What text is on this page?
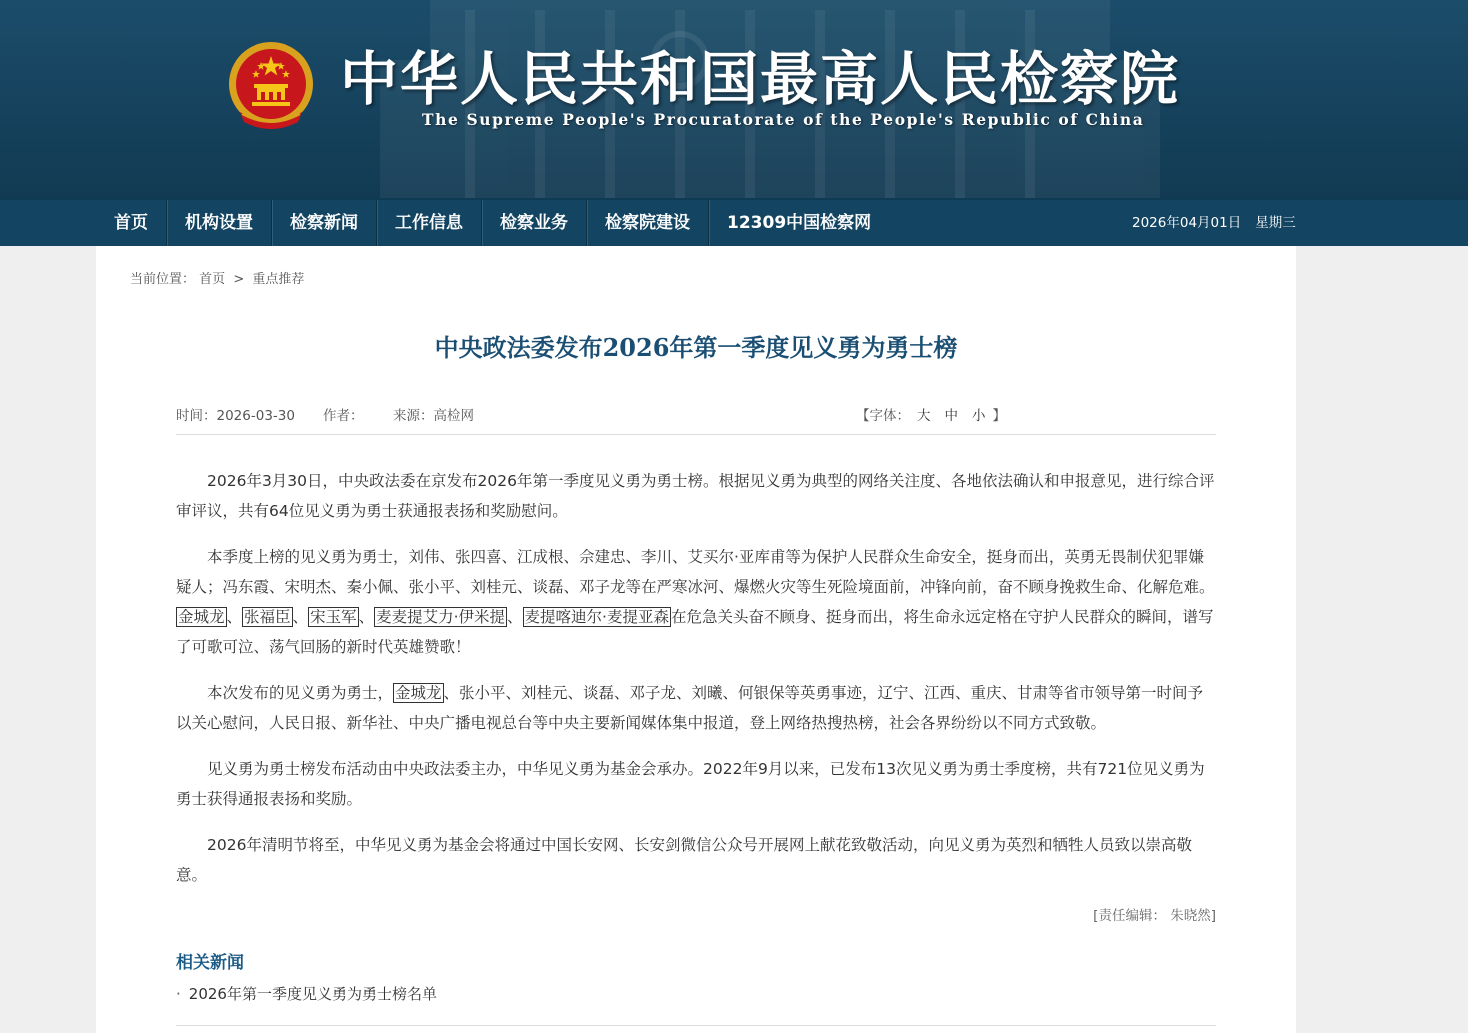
中华人民共和国最高人民检察院
The Supreme People's Procuratorate of the People's Republic of China
首页	机构设置	检察新闻	工作信息	检察业务	检察院建设	12309中国检察网	2026年04月01日 星期三
当前位置： 首页 > 重点推荐
中央政法委发布2026年第一季度见义勇为勇士榜
时间：2026-03-30 作者： 来源：高检网	【字体： 大 中 小 】

2026年3月30日，中央政法委在京发布2026年第一季度见义勇为勇士榜。根据见义勇为典型的网络关注度、各地依法确认和申报意见，进行综合评审评议，共有64位见义勇为勇士获通报表扬和奖励慰问。

本季度上榜的见义勇为勇士，刘伟、张四喜、江成根、佘建忠、李川、艾买尔·亚库甫等为保护人民群众生命安全，挺身而出，英勇无畏制伏犯罪嫌疑人；冯东霞、宋明杰、秦小佩、张小平、刘桂元、谈磊、邓子龙等在严寒冰河、爆燃火灾等生死险境面前，冲锋向前，奋不顾身挽救生命、化解危难。金城龙 、 张福臣 、 宋玉军 、 麦麦提艾力·伊米提 、 麦提喀迪尔·麦提亚森 在危急关头奋不顾身、挺身而出，将生命永远定格在守护人民群众的瞬间，谱写了可歌可泣、荡气回肠的新时代英雄赞歌！

本次发布的见义勇为勇士， 金城龙 、张小平、刘桂元、谈磊、邓子龙、刘曦、何银保等英勇事迹，辽宁、江西、重庆、甘肃等省市领导第一时间予以关心慰问，人民日报、新华社、中央广播电视总台等中央主要新闻媒体集中报道，登上网络热搜热榜，社会各界纷纷以不同方式致敬。

见义勇为勇士榜发布活动由中央政法委主办，中华见义勇为基金会承办。2022年9月以来，已发布13次见义勇为勇士季度榜，共有721位见义勇为勇士获得通报表扬和奖励。

2026年清明节将至，中华见义勇为基金会将通过中国长安网、长安剑微信公众号开展网上献花致敬活动，向见义勇为英烈和牺牲人员致以崇高敬意。

[责任编辑： 朱晓然]
相关新闻
· 2026年第一季度见义勇为勇士榜名单
